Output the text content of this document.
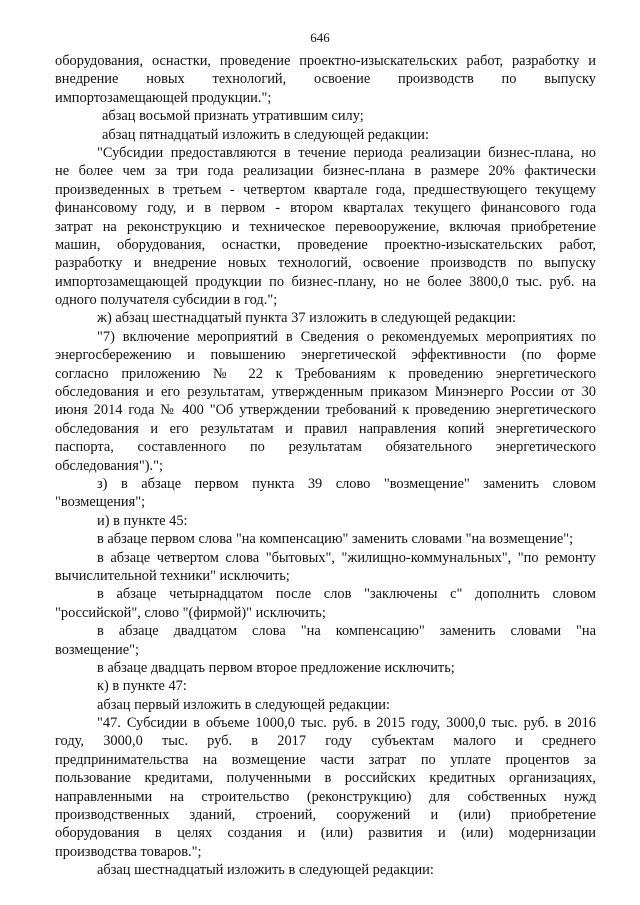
646
оборудования, оснастки, проведение проектно-изыскательских работ, разработку и
внедрение новых технологий, освоение производств по выпуску
импортозамещающей продукции.";
абзац восьмой признать утратившим силу;
абзац пятнадцатый изложить в следующей редакции:
"Субсидии предоставляются в течение периода реализации бизнес-плана, но
не более чем за три года реализации бизнес-плана в размере 20% фактически
произведенных в третьем - четвертом квартале года, предшествующего текущему
финансовому году, и в первом - втором кварталах текущего финансового года
затрат на реконструкцию и техническое перевооружение, включая приобретение
машин, оборудования, оснастки, проведение проектно-изыскательских работ,
разработку и внедрение новых технологий, освоение производств по выпуску
импортозамещающей продукции по бизнес-плану, но не более 3800,0 тыс. руб. на
одного получателя субсидии в год.";
ж) абзац шестнадцатый пункта 37 изложить в следующей редакции:
"7) включение мероприятий в Сведения о рекомендуемых мероприятиях по
энергосбережению и повышению энергетической эффективности (по форме
согласно приложению № 22 к Требованиям к проведению энергетического
обследования и его результатам, утвержденным приказом Минэнерго России от 30
июня 2014 года № 400 "Об утверждении требований к проведению энергетического
обследования и его результатам и правил направления копий энергетического
паспорта, составленного по результатам обязательного энергетического
обследования").";
з) в абзаце первом пункта 39 слово "возмещение" заменить словом
"возмещения";
и) в пункте 45:
в абзаце первом слова "на компенсацию" заменить словами "на возмещение";
в абзаце четвертом слова "бытовых", "жилищно-коммунальных", "по ремонту
вычислительной техники" исключить;
в абзаце четырнадцатом после слов "заключены с" дополнить словом
"российской", слово "(фирмой)" исключить;
в абзаце двадцатом слова "на компенсацию" заменить словами "на
возмещение";
в абзаце двадцать первом второе предложение исключить;
к) в пункте 47:
абзац первый изложить в следующей редакции:
"47. Субсидии в объеме 1000,0 тыс. руб. в 2015 году, 3000,0 тыс. руб. в 2016
году, 3000,0 тыс. руб. в 2017 году субъектам малого и среднего
предпринимательства на возмещение части затрат по уплате процентов за
пользование кредитами, полученными в российских кредитных организациях,
направленными на строительство (реконструкцию) для собственных нужд
производственных зданий, строений, сооружений и (или) приобретение
оборудования в целях создания и (или) развития и (или) модернизации
производства товаров.";
абзац шестнадцатый изложить в следующей редакции:
